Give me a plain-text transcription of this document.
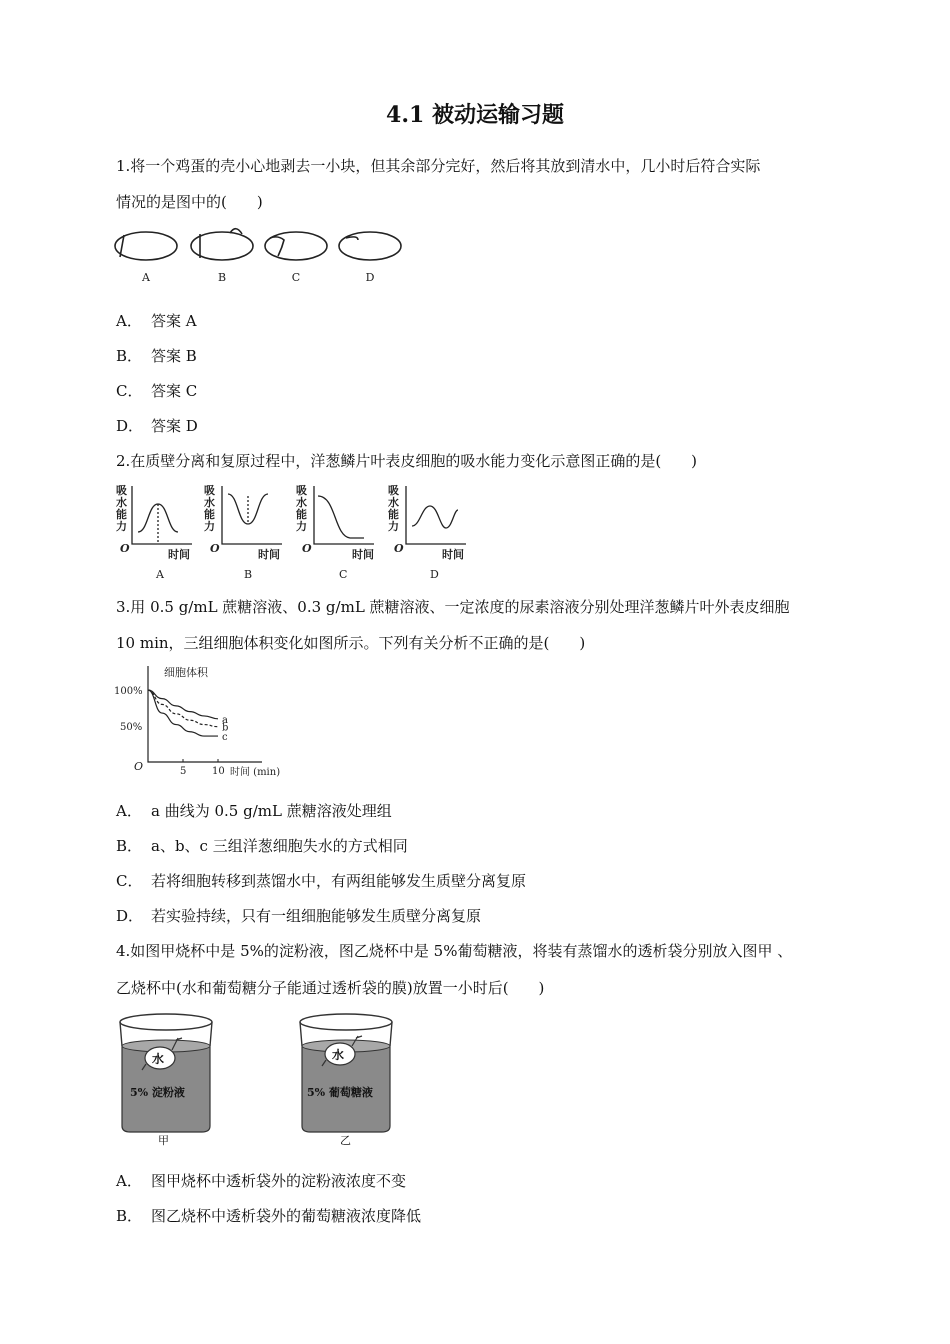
4.1 被动运输习题
1.将一个鸡蛋的壳小心地剥去一小块，但其余部分完好，然后将其放到清水中，几小时后符合实际
情况的是图中的(　　)
A	B	C	D
A． 答案 A
B． 答案 B
C． 答案 C
D． 答案 D
2.在质壁分离和复原过程中，洋葱鳞片叶表皮细胞的吸水能力变化示意图正确的是(　　)
吸
水
能
力
O	时间
A
吸
水
能
力
O	时间
B
吸
水
能
力
O	时间
C
吸
水
能
力
O	时间
D
3.用 0.5 g/mL 蔗糖溶液、0.3 g/mL 蔗糖溶液、一定浓度的尿素溶液分别处理洋葱鳞片叶外表皮细胞
10 min，三组细胞体积变化如图所示。下列有关分析不正确的是(　　)
细胞体积
O
100%
50%
5	10 时间 (min)
a
b
c
A． a 曲线为 0.5 g/mL 蔗糖溶液处理组
B． a、b、c 三组洋葱细胞失水的方式相同
C． 若将细胞转移到蒸馏水中，有两组能够发生质壁分离复原
D． 若实验持续，只有一组细胞能够发生质壁分离复原
4.如图甲烧杯中是 5%的淀粉液，图乙烧杯中是 5%葡萄糖液，将装有蒸馏水的透析袋分别放入图甲 、
乙烧杯中(水和葡萄糖分子能通过透析袋的膜)放置一小时后(　　)
水
5% 淀粉液
甲
水
5% 葡萄糖液
乙
A． 图甲烧杯中透析袋外的淀粉液浓度不变
B． 图乙烧杯中透析袋外的葡萄糖液浓度降低
